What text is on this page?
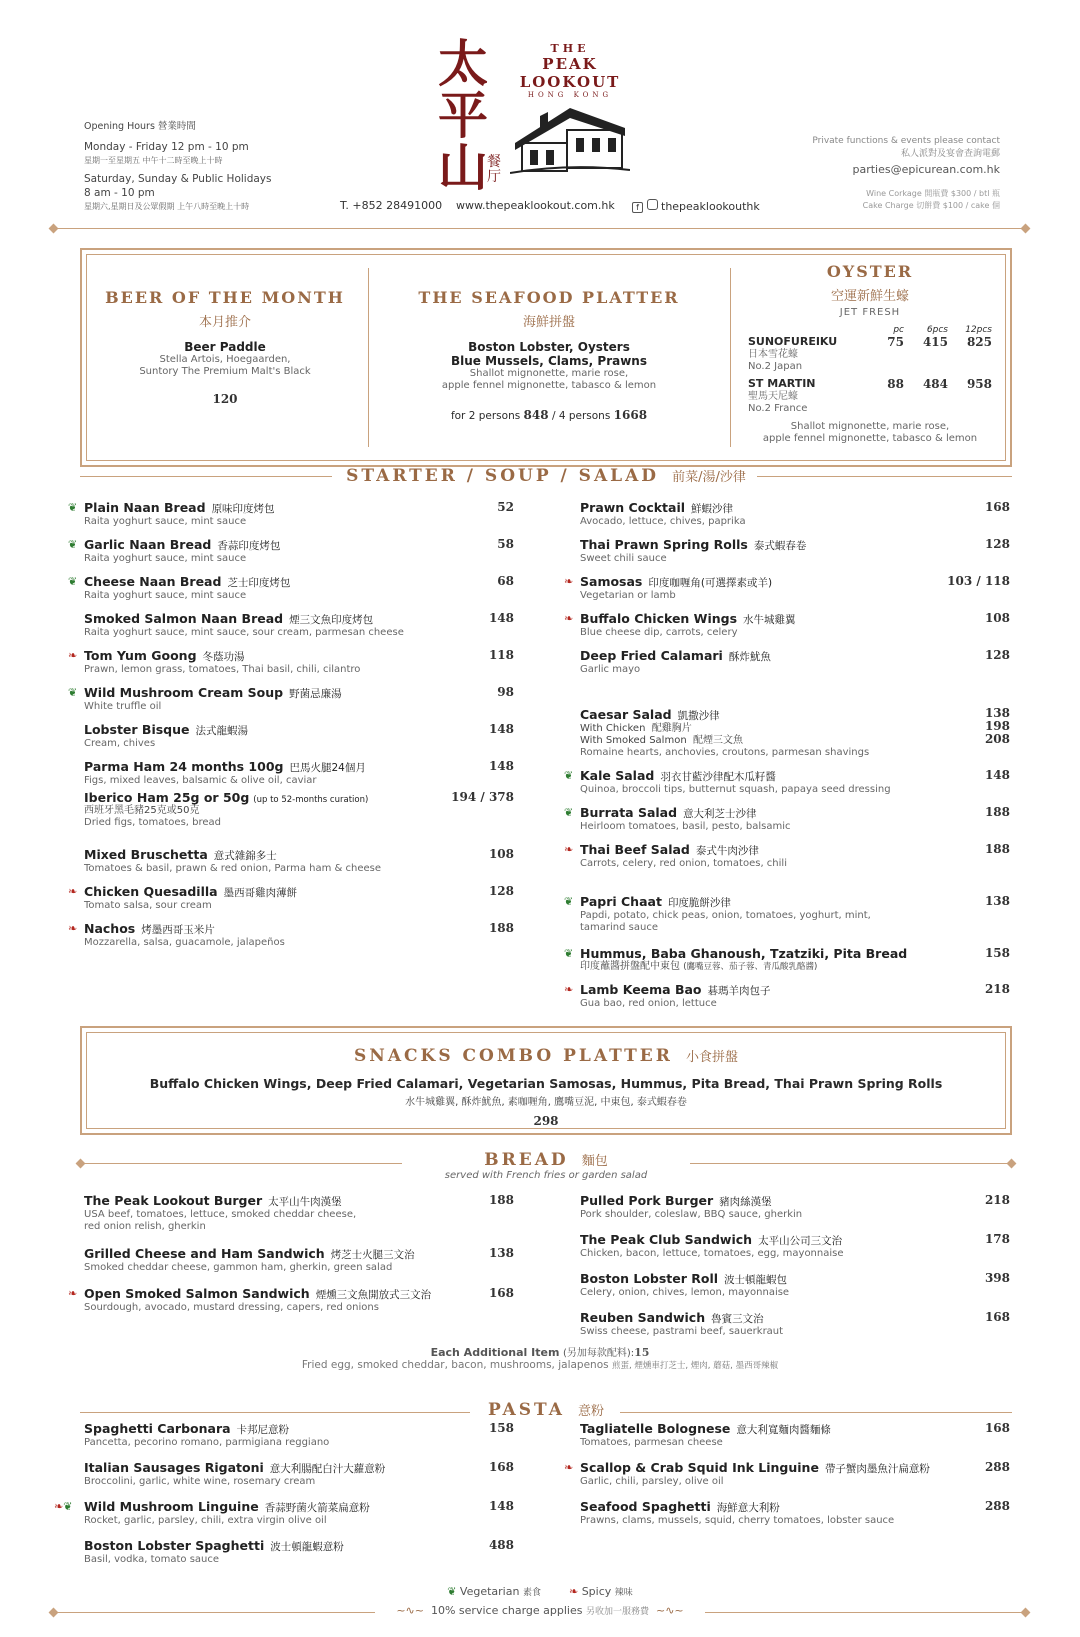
太平山 餐厅
THE
PEAK LOOKOUT
HONG KONG
Opening Hours 營業時間
Monday - Friday 12 pm - 10 pm
星期一至星期五 中午十二時至晚上十時
Saturday, Sunday & Public Holidays
8 am - 10 pm
星期六,星期日及公眾假期 上午八時至晚上十時	T. +852 28491000 www.thepeaklookout.com.hk	f thepeaklookouthk
Private functions & events please contact
私人派對及宴會查詢電郵
parties@epicurean.com.hk
Wine Corkage 開瓶費 $300 / btl 瓶
Cake Charge 切餅費 $100 / cake 個
BEER OF THE MONTH
本月推介
Beer Paddle
Stella Artois, Hoegaarden,
Suntory The Premium Malt's Black
120
THE SEAFOOD PLATTER
海鮮拼盤
Boston Lobster, Oysters
Blue Mussels, Clams, Prawns
Shallot mignonette, marie rose,
apple fennel mignonette, tabasco & lemon
for 2 persons 848 / 4 persons 1668
OYSTER
空運新鮮生蠔
JET FRESH
pc	6pcs	12pcs
SUNOFUREIKU	75	415	825
日本雪花蠔
No.2 Japan
ST MARTIN	88	484	958
聖馬天尼蠔
No.2 France
Shallot mignonette, marie rose,
apple fennel mignonette, tabasco & lemon
STARTER / SOUP / SALAD 前菜/湯/沙律
❦ Plain Naan Bread 原味印度烤包
Raita yoghurt sauce, mint sauce
52
❦ Garlic Naan Bread 香蒜印度烤包
Raita yoghurt sauce, mint sauce
58
❦ Cheese Naan Bread 芝士印度烤包
Raita yoghurt sauce, mint sauce
68
Smoked Salmon Naan Bread 煙三文魚印度烤包
Raita yoghurt sauce, mint sauce, sour cream, parmesan cheese
148
❧ Tom Yum Goong 冬蔭功湯
Prawn, lemon grass, tomatoes, Thai basil, chili, cilantro
118
❦ Wild Mushroom Cream Soup 野菌忌廉湯
White truffle oil
98
Lobster Bisque 法式龍蝦湯
Cream, chives
148
Parma Ham 24 months 100g 巴馬火腿24個月
Figs, mixed leaves, balsamic & olive oil, caviar
148
Mixed Bruschetta 意式雜錦多士
Tomatoes & basil, prawn & red onion, Parma ham & cheese
108
❧ Chicken Quesadilla 墨西哥雞肉薄餅
Tomato salsa, sour cream
128
❧ Nachos 烤墨西哥玉米片
Mozzarella, salsa, guacamole, jalapeños
188
Prawn Cocktail 鮮蝦沙律
Avocado, lettuce, chives, paprika
168
Thai Prawn Spring Rolls 泰式蝦春卷
Sweet chili sauce
128
❧ Samosas 印度咖喱角(可選擇素或羊)
Vegetarian or lamb
103 / 118
❧ Buffalo Chicken Wings 水牛城雞翼
Blue cheese dip, carrots, celery
108
Deep Fried Calamari 酥炸魷魚
Garlic mayo
128
❦ Kale Salad 羽衣甘藍沙律配木瓜籽醬
Quinoa, broccoli tips, butternut squash, papaya seed dressing
148
❦ Burrata Salad 意大利芝士沙律
Heirloom tomatoes, basil, pesto, balsamic
188
❧ Thai Beef Salad 泰式牛肉沙律
Carrots, celery, red onion, tomatoes, chili
188
❧ Lamb Keema Bao 碁瑪羊肉包子
Gua bao, red onion, lettuce
218
Iberico Ham 25g or 50g (up to 52-months curation)
西班牙黑毛豬25克或50克
Dried figs, tomatoes, bread
194 / 378
Caesar Salad 凱撒沙律
With Chicken 配雞胸片
With Smoked Salmon 配煙三文魚
Romaine hearts, anchovies, croutons, parmesan shavings
138
198
208
❦ Papri Chaat 印度脆餅沙律
Papdi, potato, chick peas, onion, tomatoes, yoghurt, mint,
tamarind sauce
138
❦ Hummus, Baba Ghanoush, Tzatziki, Pita Bread
印度蘸醬拼盤配中東包 (鷹嘴豆蓉、茄子蓉、青瓜酸乳酪醬)
158
SNACKS COMBO PLATTER 小食拼盤
Buffalo Chicken Wings, Deep Fried Calamari, Vegetarian Samosas, Hummus, Pita Bread, Thai Prawn Spring Rolls
水牛城雞翼, 酥炸魷魚, 素咖喱角, 鷹嘴豆泥, 中東包, 泰式蝦春卷
298
BREAD 麵包
served with French fries or garden salad
The Peak Lookout Burger 太平山牛肉漢堡
USA beef, tomatoes, lettuce, smoked cheddar cheese,
red onion relish, gherkin
188
Grilled Cheese and Ham Sandwich 烤芝士火腿三文治
Smoked cheddar cheese, gammon ham, gherkin, green salad
138
❧ Open Smoked Salmon Sandwich 煙燻三文魚開放式三文治
Sourdough, avocado, mustard dressing, capers, red onions
168
Pulled Pork Burger 豬肉絲漢堡
Pork shoulder, coleslaw, BBQ sauce, gherkin
218
The Peak Club Sandwich 太平山公司三文治
Chicken, bacon, lettuce, tomatoes, egg, mayonnaise
178
Boston Lobster Roll 波士頓龍蝦包
Celery, onion, chives, lemon, mayonnaise
398
Reuben Sandwich 魯賓三文治
Swiss cheese, pastrami beef, sauerkraut
168
Each Additional Item (另加每款配料):15
Fried egg, smoked cheddar, bacon, mushrooms, jalapenos 煎蛋, 煙燻車打芝士, 煙肉, 蘑菇, 墨西哥辣椒
PASTA 意粉
Spaghetti Carbonara 卡邦尼意粉
Pancetta, pecorino romano, parmigiana reggiano
158
Italian Sausages Rigatoni 意大利腸配白汁大蘿意粉
Broccolini, garlic, white wine, rosemary cream
168
❧❦ Wild Mushroom Linguine 香蒜野菌火箭菜扁意粉
Rocket, garlic, parsley, chili, extra virgin olive oil
148
Boston Lobster Spaghetti 波士頓龍蝦意粉
Basil, vodka, tomato sauce
488
Tagliatelle Bolognese 意大利寬麵肉醬麵條
Tomatoes, parmesan cheese
168
❧ Scallop & Crab Squid Ink Linguine 帶子蟹肉墨魚汁扁意粉
Garlic, chili, parsley, olive oil
288
Seafood Spaghetti 海鮮意大利粉
Prawns, clams, mussels, squid, cherry tomatoes, lobster sauce
288
❦ Vegetarian 素食	❧ Spicy 辣味
~∿~ 10% service charge applies 另收加一服務費 ~∿~
